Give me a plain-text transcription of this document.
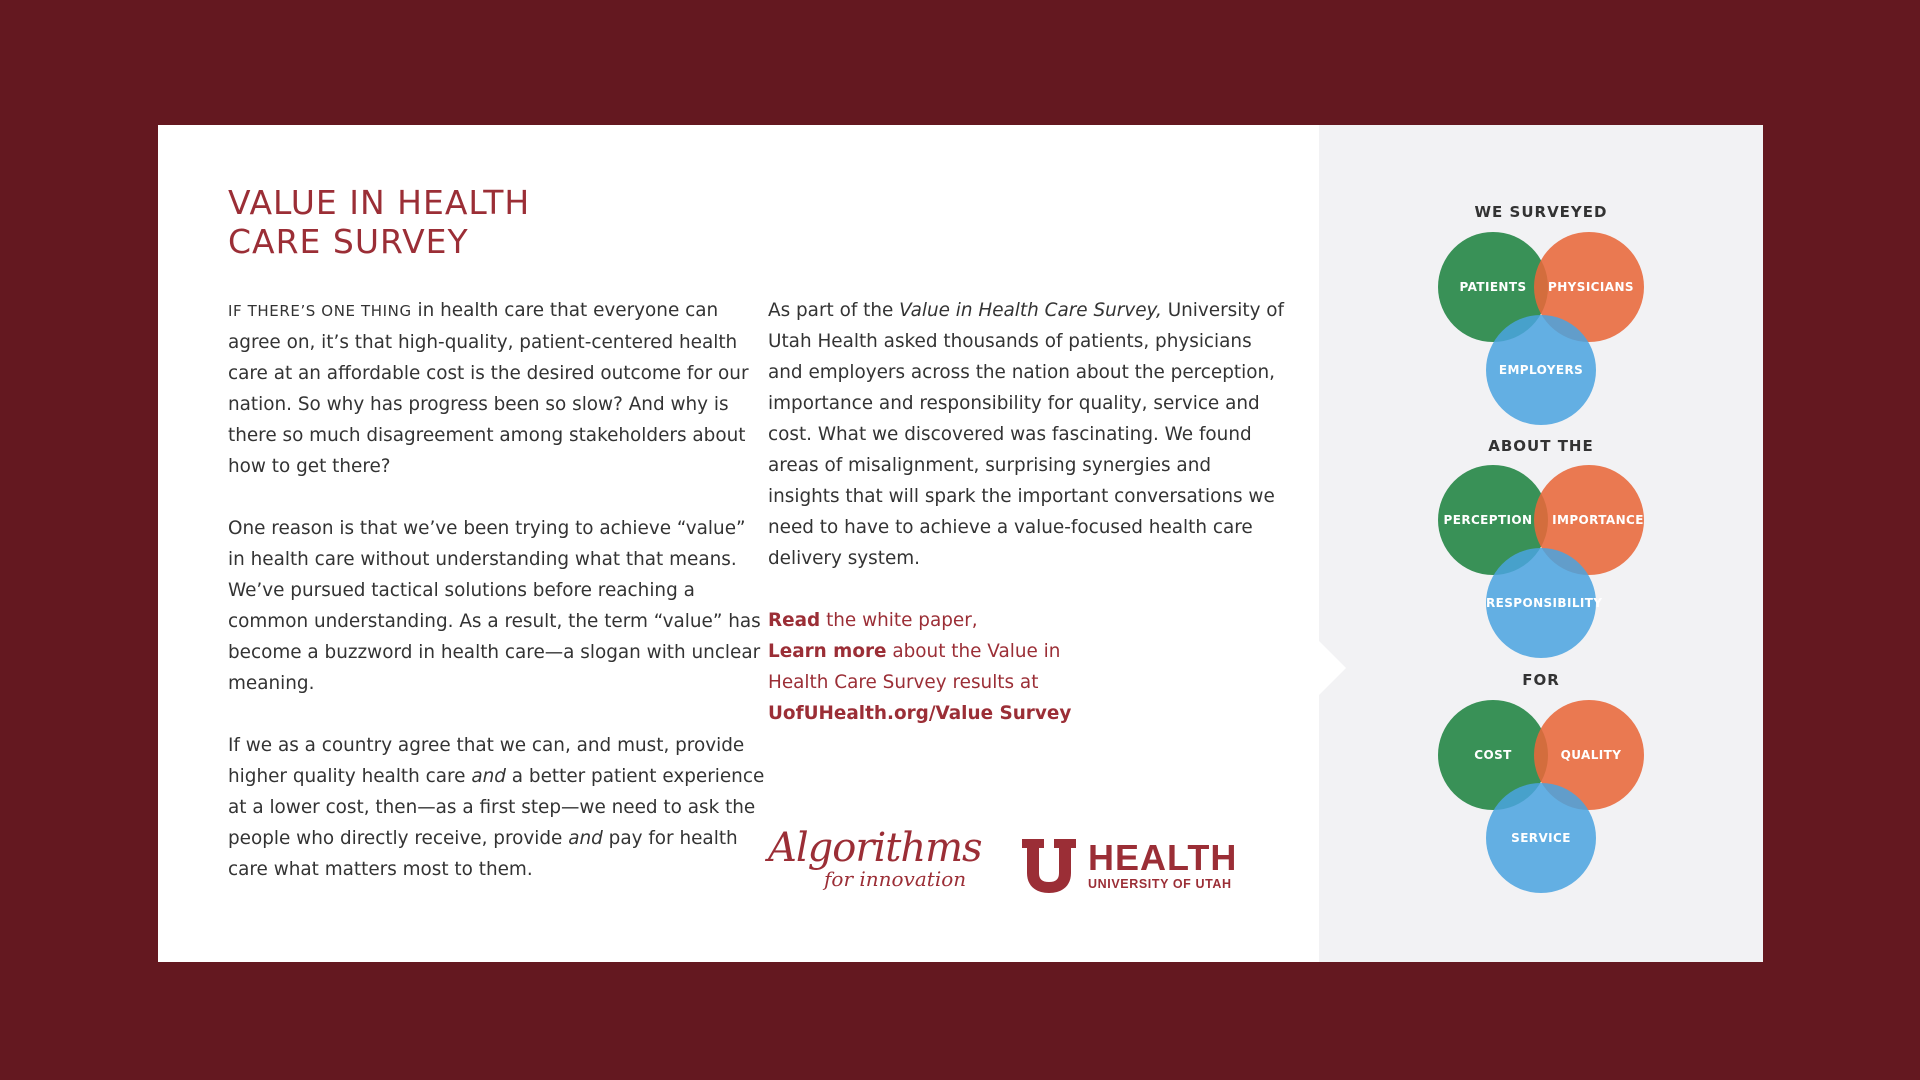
VALUE IN HEALTH
CARE SURVEY

IF THERE’S ONE THING in health care that everyone can agree on, it’s that high-quality, patient-centered health care at an affordable cost is the desired outcome for our nation. So why has progress been so slow? And why is there so much disagreement among stakeholders about how to get there?

One reason is that we’ve been trying to achieve “value” in health care without understanding what that means. We’ve pursued tactical solutions before reaching a common understanding. As a result, the term “value” has become a buzzword in health care—a slogan with unclear meaning.

If we as a country agree that we can, and must, provide higher quality health care and a better patient experience at a lower cost, then—as a first step—we need to ask the people who directly receive, provide and pay for health care what matters most to them.

As part of the Value in Health Care Survey, University of Utah Health asked thousands of patients, physicians and employers across the nation about the perception, importance and responsibility for quality, service and cost. What we discovered was fascinating. We found areas of misalignment, surprising synergies and insights that will spark the important conversations we need to have to achieve a value-focused health care delivery system.

Read the white paper,
Learn more about the Value in
Health Care Survey results at
UofUHealth.org/Value Survey
Algorithms
for innovation
HEALTH
UNIVERSITY OF UTAH
WE SURVEYED
PATIENTS	PHYSICIANS
EMPLOYERS
ABOUT THE
PERCEPTION	IMPORTANCE
RESPONSIBILITY
FOR
COST	QUALITY
SERVICE
